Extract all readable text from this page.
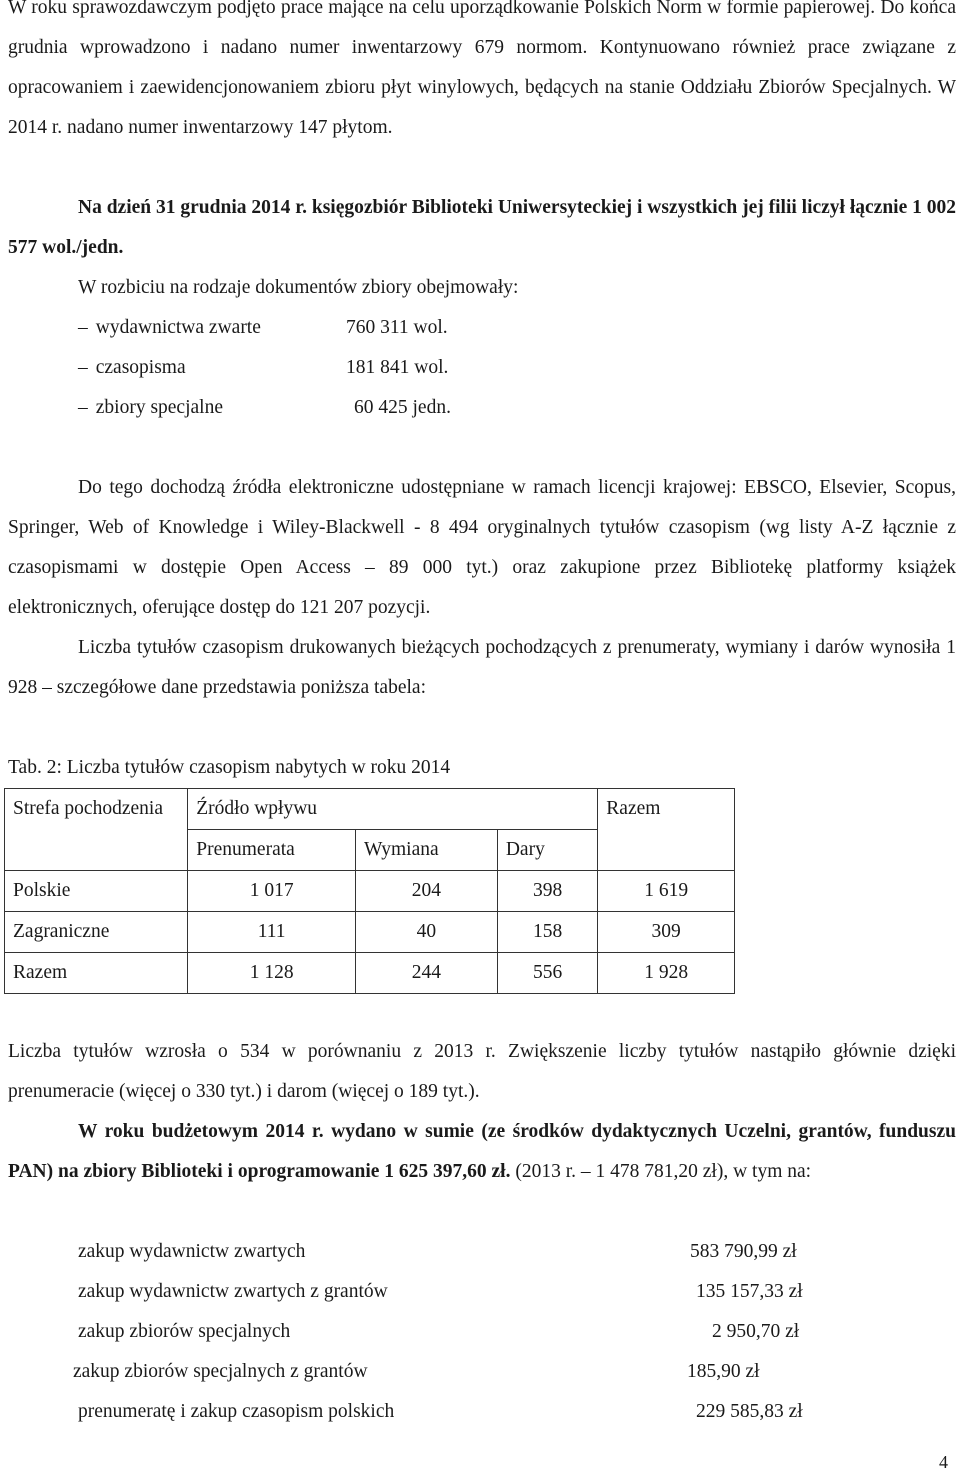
W roku sprawozdawczym podjęto prace mające na celu uporządkowanie Polskich Norm w formie papierowej. Do końca grudnia wprowadzono i nadano numer inwentarzowy 679 normom. Kontynuowano również prace związane z opracowaniem i zaewidencjonowaniem zbioru płyt winylowych, będących na stanie Oddziału Zbiorów Specjalnych. W 2014 r. nadano numer inwentarzowy 147 płytom.

Na dzień 31 grudnia 2014 r. księgozbiór Biblioteki Uniwersyteckiej i wszystkich jej filii liczył łącznie 1 002 577 wol./jedn.

W rozbiciu na rodzaje dokumentów zbiory obejmowały:
– wydawnictwa zwarte	760 311 wol.
– czasopisma	181 841 wol.
– zbiory specjalne	60 425 jedn.

Do tego dochodzą źródła elektroniczne udostępniane w ramach licencji krajowej: EBSCO, Elsevier, Scopus, Springer, Web of Knowledge i Wiley-Blackwell - 8 494 oryginalnych tytułów czasopism (wg listy A-Z łącznie z czasopismami w dostępie Open Access – 89 000 tyt.) oraz zakupione przez Bibliotekę platformy książek elektronicznych, oferujące dostęp do 121 207 pozycji.

Liczba tytułów czasopism drukowanych bieżących pochodzących z prenumeraty, wymiany i darów wynosiła 1 928 – szczegółowe dane przedstawia poniższa tabela:

Tab. 2: Liczba tytułów czasopism nabytych w roku 2014

Strefa pochodzenia	Źródło wpływu			Razem
	Prenumerata	Wymiana	Dary	
Polskie	1 017	204	398	1 619
Zagraniczne	111	40	158	309
Razem	1 128	244	556	1 928

Liczba tytułów wzrosła o 534 w porównaniu z 2013 r. Zwiększenie liczby tytułów nastąpiło głównie dzięki prenumeracie (więcej o 330 tyt.) i darom (więcej o 189 tyt.).

W roku budżetowym 2014 r. wydano w sumie (ze środków dydaktycznych Uczelni, grantów, funduszu PAN) na zbiory Biblioteki i oprogramowanie 1 625 397,60 zł. (2013 r. – 1 478 781,20 zł), w tym na:

zakup wydawnictw zwartych	583 790,99 zł
zakup wydawnictw zwartych z grantów	135 157,33 zł
zakup zbiorów specjalnych	2 950,70 zł
zakup zbiorów specjalnych z grantów	185,90 zł
prenumeratę i zakup czasopism polskich	229 585,83 zł
4
